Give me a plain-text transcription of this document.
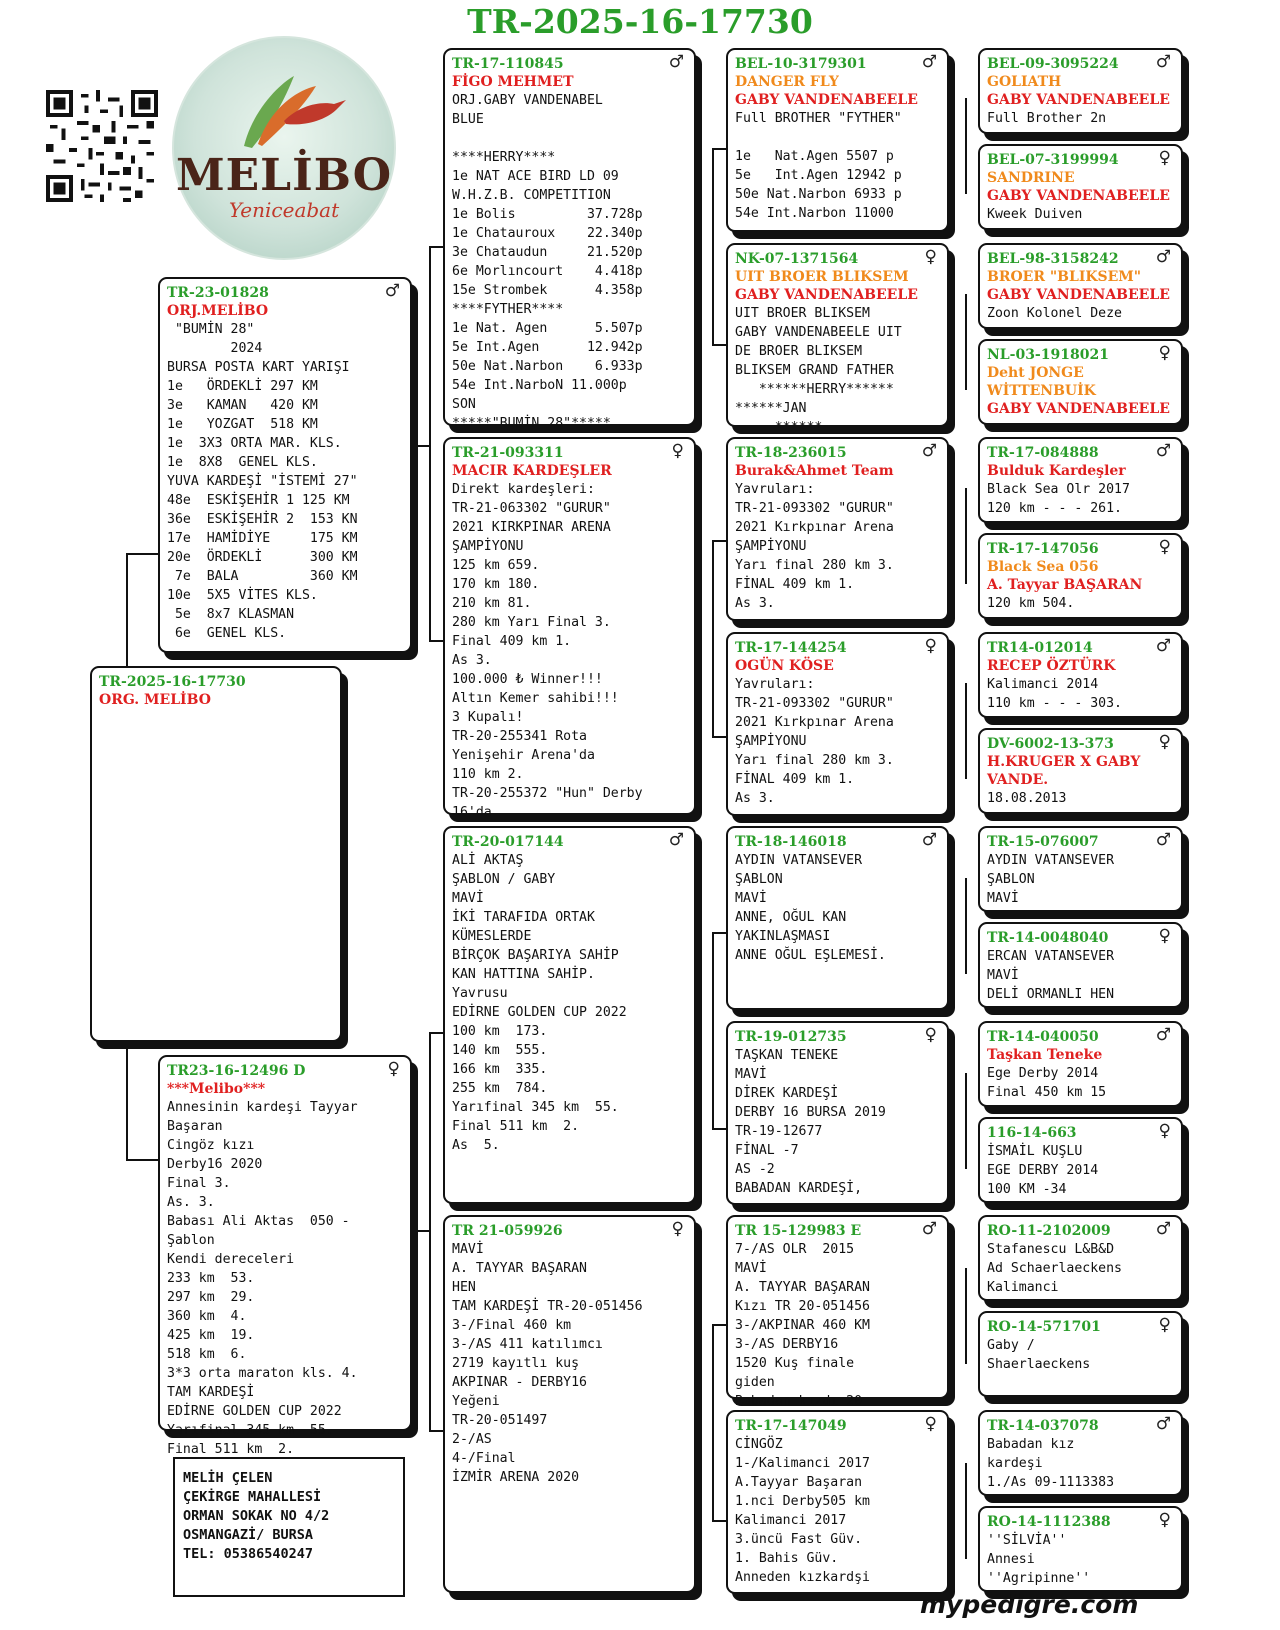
TR-2025-16-17730
MELİBO
Yeniceabat
TR-2025-16-17730
ORG. MELİBO
TR-23-01828	♂
ORJ.MELİBO
"BUMİN 28"
2024
BURSA POSTA KART YARIŞI
1e   ÖRDEKLİ 297 KM
3e   KAMAN   420 KM
1e   YOZGAT  518 KM
1e  3X3 ORTA MAR. KLS.
1e  8X8  GENEL KLS.
YUVA KARDEŞİ "İSTEMİ 27"
48e  ESKİŞEHİR 1 125 KM
36e  ESKİŞEHİR 2  153 KN
17e  HAMİDİYE     175 KM
20e  ÖRDEKLİ      300 KM
7e  BALA         360 KM
10e  5X5 VİTES KLS.
5e  8x7 KLASMAN
6e  GENEL KLS.
TR23-16-12496 D	♀
***Melibo***
Annesinin kardeşi Tayyar
Başaran
Cingöz kızı
Derby16 2020
Final 3.
As. 3.
Babası Ali Aktas  050 -
Şablon
Kendi dereceleri
233 km  53.
297 km  29.
360 km  4.
425 km  19.
518 km  6.
3*3 orta maraton kls. 4.
TAM KARDEŞİ
EDİRNE GOLDEN CUP 2022
Yarıfinal 345 km  55.
Final 511 km  2.
TR-17-110845	♂
FİGO MEHMET
ORJ.GABY VANDENABEL
BLUE

****HERRY****
1e NAT ACE BIRD LD 09
W.H.Z.B. COMPETITION
1e Bolis         37.728p
1e Chatauroux    22.340p
3e Chataudun     21.520p
6e Morlıncourt    4.418p
15e Strombek      4.358p
****FYTHER****
1e Nat. Agen      5.507p
5e Int.Agen      12.942p
50e Nat.Narbon    6.933p
54e Int.NarboN 11.000p
SON
*****"BUMİN 28"*****
TR-21-093311	♀
MACIR KARDEŞLER
Direkt kardeşleri:
TR-21-063302 "GURUR"
2021 KIRKPINAR ARENA
ŞAMPİYONU
125 km 659.
170 km 180.
210 km 81.
280 km Yarı Final 3.
Final 409 km 1.
As 3.
100.000 ₺ Winner!!!
Altın Kemer sahibi!!!
3 Kupalı!
TR-20-255341 Rota
Yenişehir Arena'da
110 km 2.
TR-20-255372 "Hun" Derby
16'da
TR-20-017144	♂
ALİ AKTAŞ
ŞABLON / GABY
MAVİ
İKİ TARAFIDA ORTAK
KÜMESLERDE
BİRÇOK BAŞARIYA SAHİP
KAN HATTINA SAHİP.
Yavrusu
EDİRNE GOLDEN CUP 2022
100 km  173.
140 km  555.
166 km  335.
255 km  784.
Yarıfinal 345 km  55.
Final 511 km  2.
As  5.
TR 21-059926	♀
MAVİ
A. TAYYAR BAŞARAN
HEN
TAM KARDEŞİ TR-20-051456
3-/Final 460 km
3-/AS 411 katılımcı
2719 kayıtlı kuş
AKPINAR - DERBY16
Yeğeni
TR-20-051497
2-/AS
4-/Final
İZMİR ARENA 2020
BEL-10-3179301	♂
DANGER FLY
GABY VANDENABEELE
Full BROTHER "FYTHER"

1e   Nat.Agen 5507 p
5e   Int.Agen 12942 p
50e Nat.Narbon 6933 p
54e Int.Narbon 11000
NK-07-1371564	♀
UIT BROER BLIKSEM
GABY VANDENABEELE
UIT BROER BLIKSEM
GABY VANDENABEELE UIT
DE BROER BLIKSEM
BLIKSEM GRAND FATHER
******HERRY******
******JAN
******
TR-18-236015	♂
Burak&Ahmet Team
Yavruları:
TR-21-093302 "GURUR"
2021 Kırkpınar Arena
ŞAMPİYONU
Yarı final 280 km 3.
FİNAL 409 km 1.
As 3.
TR-17-144254	♀
OGÜN KÖSE
Yavruları:
TR-21-093302 "GURUR"
2021 Kırkpınar Arena
ŞAMPİYONU
Yarı final 280 km 3.
FİNAL 409 km 1.
As 3.
TR-18-146018	♂
AYDIN VATANSEVER
ŞABLON
MAVİ
ANNE, OĞUL KAN
YAKINLAŞMASI
ANNE OĞUL EŞLEMESİ.
TR-19-012735	♀
TAŞKAN TENEKE
MAVİ
DİREK KARDEŞİ
DERBY 16 BURSA 2019
TR-19-12677
FİNAL -7
AS -2
BABADAN KARDEŞİ,
TR 15-129983 E	♂
7-/AS OLR  2015
MAVİ
A. TAYYAR BAŞARAN
Kızı TR 20-051456
3-/AKPINAR 460 KM
3-/AS DERBY16
1520 Kuş finale
giden
Babadan kızdı 20
TR-17-147049	♀
CİNGÖZ
1-/Kalimanci 2017
A.Tayyar Başaran
1.nci Derby505 km
Kalimanci 2017
3.üncü Fast Güv.
1. Bahis Güv.
Anneden kızkardşi
BEL-09-3095224	♂
GOLIATH
GABY VANDENABEELE
Full Brother 2n
BEL-07-3199994	♀
SANDRINE
GABY VANDENABEELE
Kweek Duiven
BEL-98-3158242	♂
BROER "BLIKSEM"
GABY VANDENABEELE
Zoon Kolonel Deze
NL-03-1918021	♀
Deht JONGE
WİTTENBUİK
GABY VANDENABEELE
TR-17-084888	♂
Bulduk Kardeşler
Black Sea Olr 2017
120 km - - - 261.
TR-17-147056	♀
Black Sea 056
A. Tayyar BAŞARAN
120 km 504.
TR14-012014	♂
RECEP ÖZTÜRK
Kalimanci 2014
110 km - - - 303.
DV-6002-13-373	♀
H.KRUGER X GABY
VANDE.
18.08.2013
TR-15-076007	♂
AYDIN VATANSEVER
ŞABLON
MAVİ
TR-14-0048040	♀
ERCAN VATANSEVER
MAVİ
DELİ ORMANLI HEN
TR-14-040050	♂
Taşkan Teneke
Ege Derby 2014
Final 450 km 15
116-14-663	♀
İSMAİL KUŞLU
EGE DERBY 2014
100 KM -34
RO-11-2102009	♂
Stafanescu L&B&D
Ad Schaerlaeckens
Kalimanci
RO-14-571701	♀
Gaby /
Shaerlaeckens
TR-14-037078	♂
Babadan kız
kardeşi
1./As 09-1113383
RO-14-1112388	♀
''SİLVİA''
Annesi
''Agripinne''
MELİH ÇELEN
ÇEKİRGE MAHALLESİ
ORMAN SOKAK NO 4/2
OSMANGAZİ/ BURSA
TEL: 05386540247
mypedigre.com
